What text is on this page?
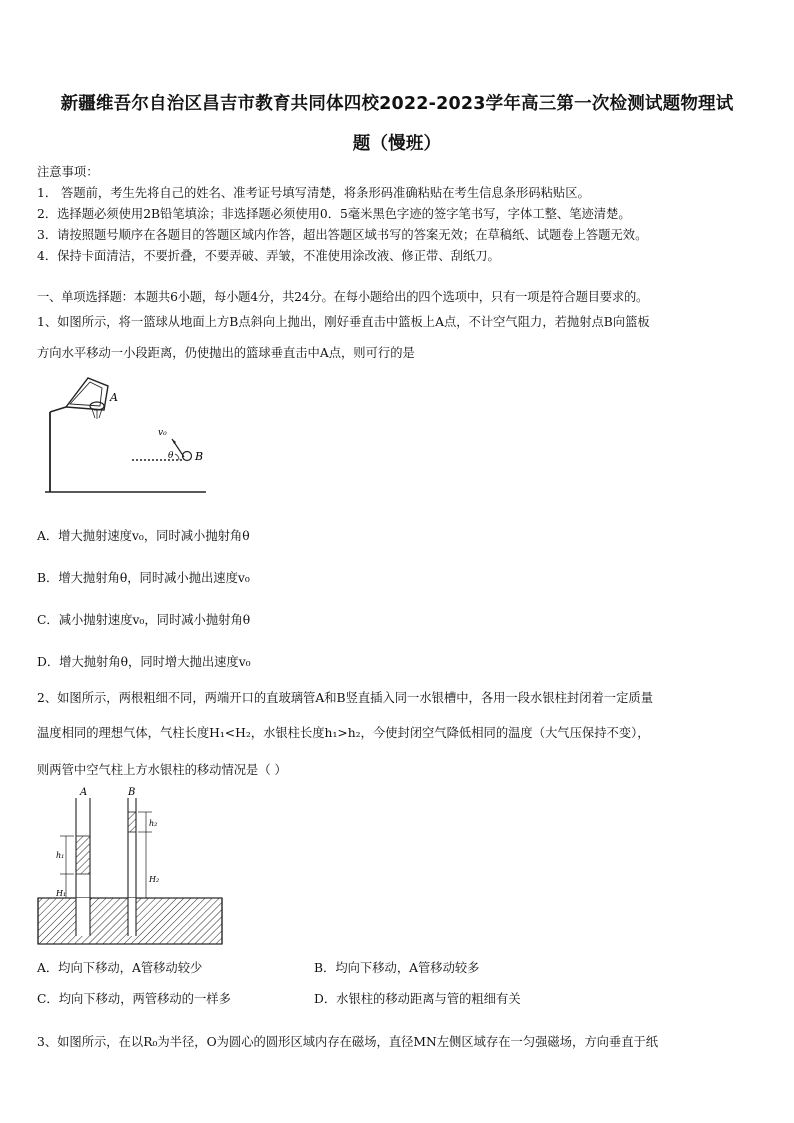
新疆维吾尔自治区昌吉市教育共同体四校2022-2023学年高三第一次检测试题物理试
题（慢班）
注意事项：
1． 答题前，考生先将自己的姓名、准考证号填写清楚，将条形码准确粘贴在考生信息条形码粘贴区。
2．选择题必须使用2B铅笔填涂；非选择题必须使用0．5毫米黑色字迹的签字笔书写，字体工整、笔迹清楚。
3．请按照题号顺序在各题目的答题区域内作答，超出答题区域书写的答案无效；在草稿纸、试题卷上答题无效。
4．保持卡面清洁，不要折叠，不要弄破、弄皱，不准使用涂改液、修正带、刮纸刀。
一、单项选择题：本题共6小题，每小题4分，共24分。在每小题给出的四个选项中，只有一项是符合题目要求的。
1、如图所示，将一篮球从地面上方B点斜向上抛出，刚好垂直击中篮板上A点，不计空气阻力，若抛射点B向篮板
方向水平移动一小段距离，仍使抛出的篮球垂直击中A点，则可行的是
A
v₀
θ B
A．增大抛射速度v₀，同时减小抛射角θ
B．增大抛射角θ，同时减小抛出速度v₀
C．减小抛射速度v₀，同时减小抛射角θ
D．增大抛射角θ，同时增大抛出速度v₀
2、如图所示，两根粗细不同，两端开口的直玻璃管A和B竖直插入同一水银槽中，各用一段水银柱封闭着一定质量
温度相同的理想气体，气柱长度H₁<H₂，水银柱长度h₁>h₂，今使封闭空气降低相同的温度（大气压保持不变），
则两管中空气柱上方水银柱的移动情况是（ ）
A	B
h₁
H₁
h₂
H₂
A．均向下移动，A管移动较少	B．均向下移动，A管移动较多
C．均向下移动，两管移动的一样多	D．水银柱的移动距离与管的粗细有关
3、如图所示，在以R₀为半径，O为圆心的圆形区域内存在磁场，直径MN左侧区域存在一匀强磁场，方向垂直于纸
